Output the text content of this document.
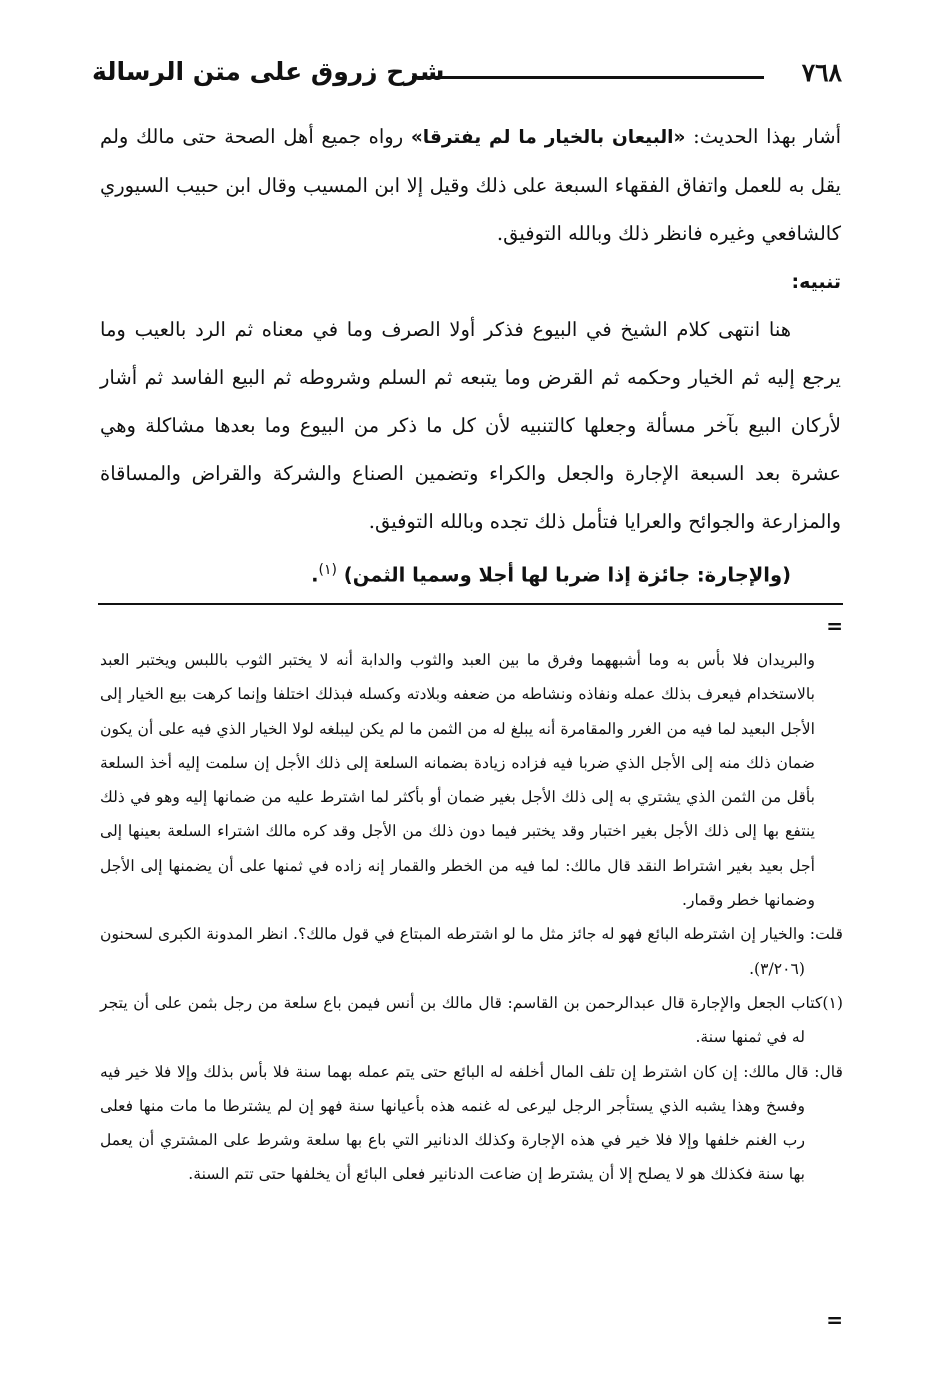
٧٦٨
شرح زروق على متن الرسالة

أشار بهذا الحديث: «البيعان بالخيار ما لم يفترقا» رواه جميع أهل الصحة حتى مالك ولم يقل به للعمل واتفاق الفقهاء السبعة على ذلك وقيل إلا ابن المسيب وقال ابن حبيب السيوري كالشافعي وغيره فانظر ذلك وبالله التوفيق.

تنبيه:

هنا انتهى كلام الشيخ في البيوع فذكر أولا الصرف وما في معناه ثم الرد بالعيب وما يرجع إليه ثم الخيار وحكمه ثم القرض وما يتبعه ثم السلم وشروطه ثم البيع الفاسد ثم أشار لأركان البيع بآخر مسألة وجعلها كالتنبيه لأن كل ما ذكر من البيوع وما بعدها مشاكلة وهي عشرة بعد السبعة الإجارة والجعل والكراء وتضمين الصناع والشركة والقراض والمساقاة والمزارعة والجوائح والعرايا فتأمل ذلك تجده وبالله التوفيق.

(والإجارة: جائزة إذا ضربا لها أجلا وسميا الثمن) $^{(١)}$.

=

والبريدان فلا بأس به وما أشبههما وفرق ما بين العبد والثوب والدابة أنه لا يختبر الثوب باللبس ويختبر العبد بالاستخدام فيعرف بذلك عمله ونفاذه ونشاطه من ضعفه وبلادته وكسله فبذلك اختلفا وإنما كرهت بيع الخيار إلى الأجل البعيد لما فيه من الغرر والمقامرة أنه يبلغ له من الثمن ما لم يكن ليبلغه لولا الخيار الذي فيه على أن يكون ضمان ذلك منه إلى الأجل الذي ضربا فيه فزاده زيادة بضمانه السلعة إلى ذلك الأجل إن سلمت إليه أخذ السلعة بأقل من الثمن الذي يشتري به إلى ذلك الأجل بغير ضمان أو بأكثر لما اشترط عليه من ضمانها إليه وهو في ذلك ينتفع بها إلى ذلك الأجل بغير اختبار وقد يختبر فيما دون ذلك من الأجل وقد كره مالك اشتراء السلعة بعينها إلى أجل بعيد بغير اشتراط النقد قال مالك: لما فيه من الخطر والقمار إنه زاده في ثمنها على أن يضمنها إلى الأجل وضمانها خطر وقمار.

قلت: والخيار إن اشترطه البائع فهو له جائز مثل ما لو اشترطه المبتاع في قول مالك؟. انظر المدونة الكبرى لسحنون (٣/٢٠٦).

(١)كتاب الجعل والإجارة قال عبدالرحمن بن القاسم: قال مالك بن أنس فيمن باع سلعة من رجل بثمن على أن يتجر له في ثمنها سنة.

قال: قال مالك: إن كان اشترط إن تلف المال أخلفه له البائع حتى يتم عمله بهما سنة فلا بأس بذلك وإلا فلا خير فيه وفسخ وهذا يشبه الذي يستأجر الرجل ليرعى له غنمه هذه بأعيانها سنة فهو إن لم يشترطا ما مات منها فعلى رب الغنم خلفها وإلا فلا خير في هذه الإجارة وكذلك الدنانير التي باع بها سلعة وشرط على المشتري أن يعمل بها سنة فكذلك هو لا يصلح إلا أن يشترط إن ضاعت الدنانير فعلى البائع أن يخلفها حتى تتم السنة.

=
